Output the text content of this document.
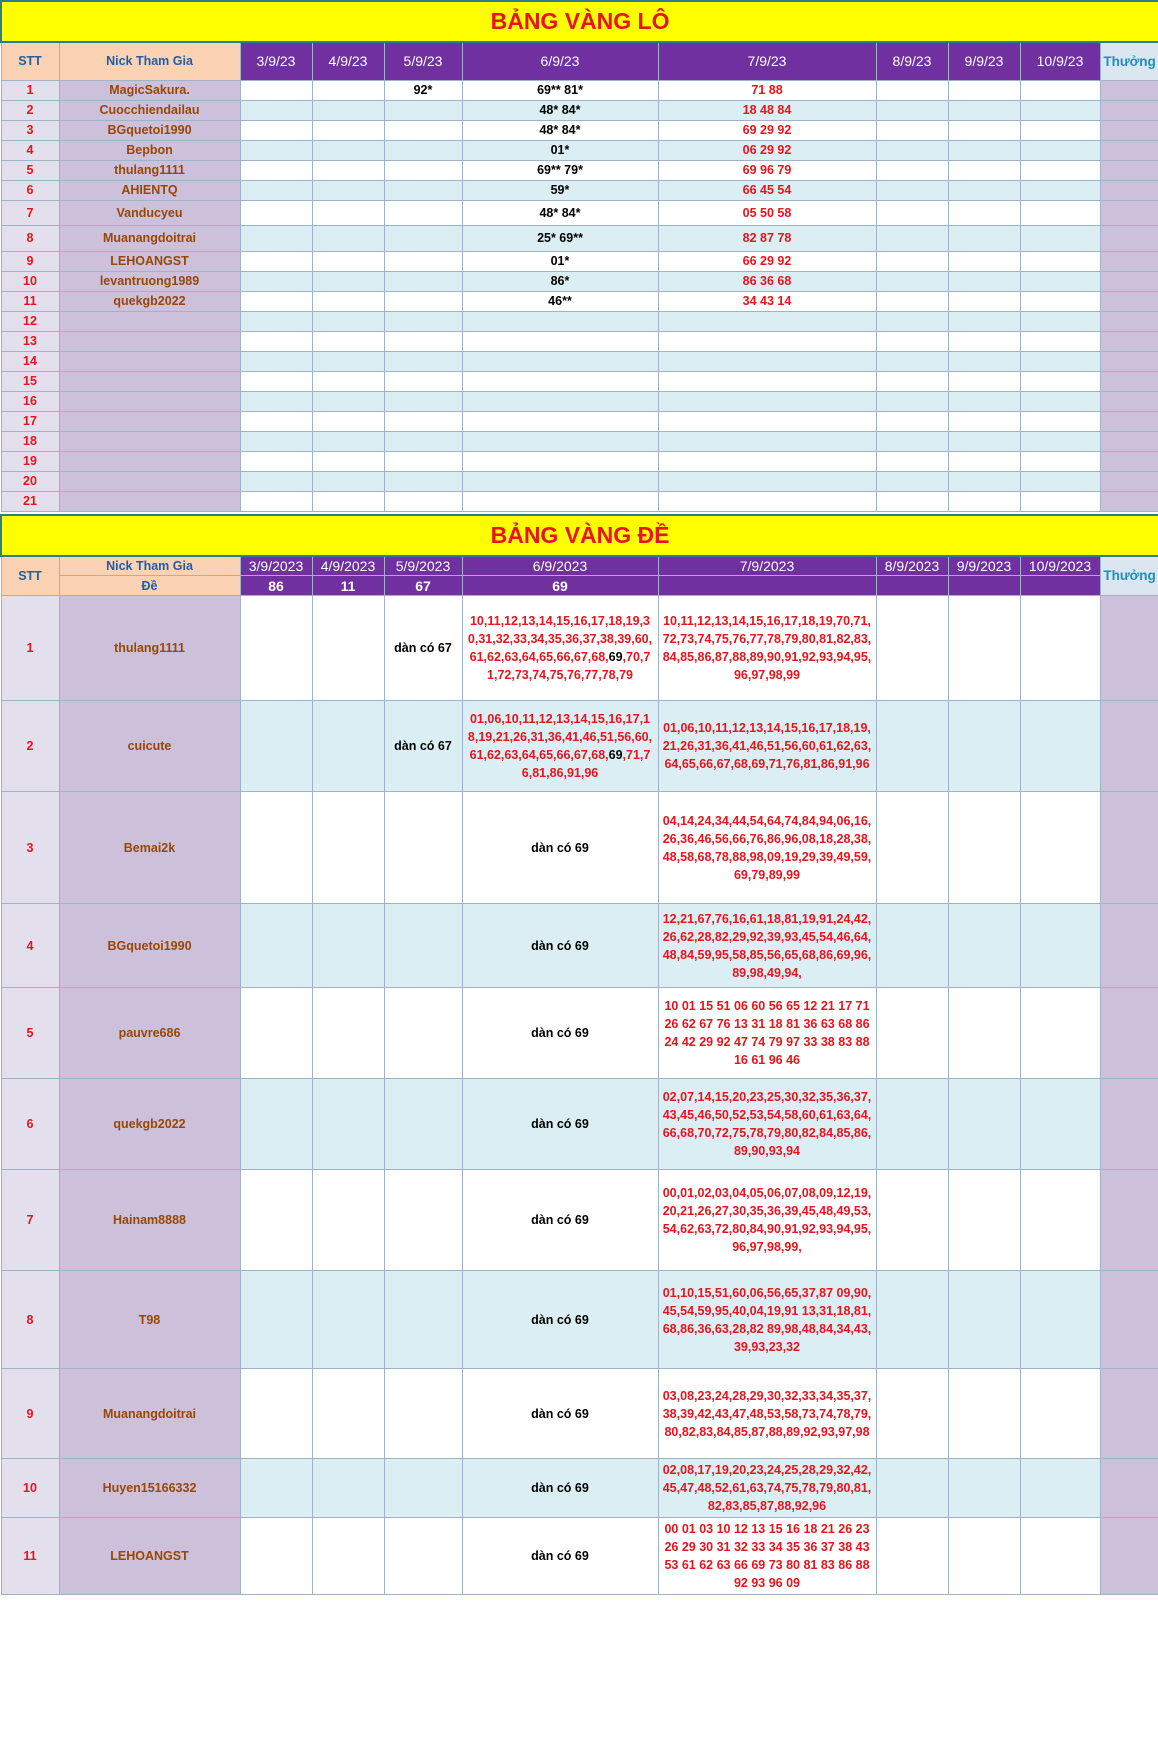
BẢNG VÀNG LÔ										
STT	Nick Tham Gia	3/9/23	4/9/23	5/9/23	6/9/23	7/9/23	8/9/23	9/9/23	10/9/23	Thưởng
1	MagicSakura.			92*	69** 81*	71 88				
2	Cuocchiendailau				48* 84*	18 48 84				
3	BGquetoi1990				48* 84*	69 29 92				
4	Bepbon				01*	06 29 92				
5	thulang1111				69** 79*	69 96 79				
6	AHIENTQ				59*	66 45 54				
7	Vanducyeu				48* 84*	05 50 58				
8	Muanangdoitrai				25* 69**	82 87 78				
9	LEHOANGST				01*	66 29 92				
10	levantruong1989				86*	86 36 68				
11	quekgb2022				46**	34 43 14				
12										
13										
14										
15										
16										
17										
18										
19										
20										
21										
BẢNG VÀNG ĐỀ										
STT	Nick Tham Gia	3/9/2023	4/9/2023	5/9/2023	6/9/2023	7/9/2023	8/9/2023	9/9/2023	10/9/2023	Thưởng
	Đề	86	11	67	69					
1	thulang1111			dàn có 67	10,11,12,13,14,15,16,17,18,19,30,31,32,33,34,35,36,37,38,39,60,61,62,63,64,65,66,67,68,69,70,71,72,73,74,75,76,77,78,79	10,11,12,13,14,15,16,17,18,19,70,71,72,73,74,75,76,77,78,79,80,81,82,83,84,85,86,87,88,89,90,91,92,93,94,95,96,97,98,99				
2	cuicute			dàn có 67	01,06,10,11,12,13,14,15,16,17,18,19,21,26,31,36,41,46,51,56,60,61,62,63,64,65,66,67,68,69,71,76,81,86,91,96	01,06,10,11,12,13,14,15,16,17,18,19,21,26,31,36,41,46,51,56,60,61,62,63,64,65,66,67,68,69,71,76,81,86,91,96				
3	Bemai2k				dàn có 69	04,14,24,34,44,54,64,74,84,94,06,16,26,36,46,56,66,76,86,96,08,18,28,38,48,58,68,78,88,98,09,19,29,39,49,59,69,79,89,99				
4	BGquetoi1990				dàn có 69	12,21,67,76,16,61,18,81,19,91,24,42,26,62,28,82,29,92,39,93,45,54,46,64,48,84,59,95,58,85,56,65,68,86,69,96,89,98,49,94,				
5	pauvre686				dàn có 69	10 01 15 51 06 60 56 65 12 21 17 71 26 62 67 76 13 31 18 81 36 63 68 86 24 42 29 92 47 74 79 97 33 38 83 88 16 61 96 46				
6	quekgb2022				dàn có 69	02,07,14,15,20,23,25,30,32,35,36,37,43,45,46,50,52,53,54,58,60,61,63,64,66,68,70,72,75,78,79,80,82,84,85,86,89,90,93,94				
7	Hainam8888				dàn có 69	00,01,02,03,04,05,06,07,08,09,12,19,20,21,26,27,30,35,36,39,45,48,49,53,54,62,63,72,80,84,90,91,92,93,94,95,96,97,98,99,				
8	T98				dàn có 69	01,10,15,51,60,06,56,65,37,87 09,90,45,54,59,95,40,04,19,91 13,31,18,81,68,86,36,63,28,82 89,98,48,84,34,43,39,93,23,32				
9	Muanangdoitrai				dàn có 69	03,08,23,24,28,29,30,32,33,34,35,37,38,39,42,43,47,48,53,58,73,74,78,79,80,82,83,84,85,87,88,89,92,93,97,98				
10	Huyen15166332				dàn có 69	02,08,17,19,20,23,24,25,28,29,32,42,45,47,48,52,61,63,74,75,78,79,80,81,82,83,85,87,88,92,96				
11	LEHOANGST				dàn có 69	00 01 03 10 12 13 15 16 18 21 26 23 26 29 30 31 32 33 34 35 36 37 38 43 53 61 62 63 66 69 73 80 81 83 86 88 92 93 96 09				
